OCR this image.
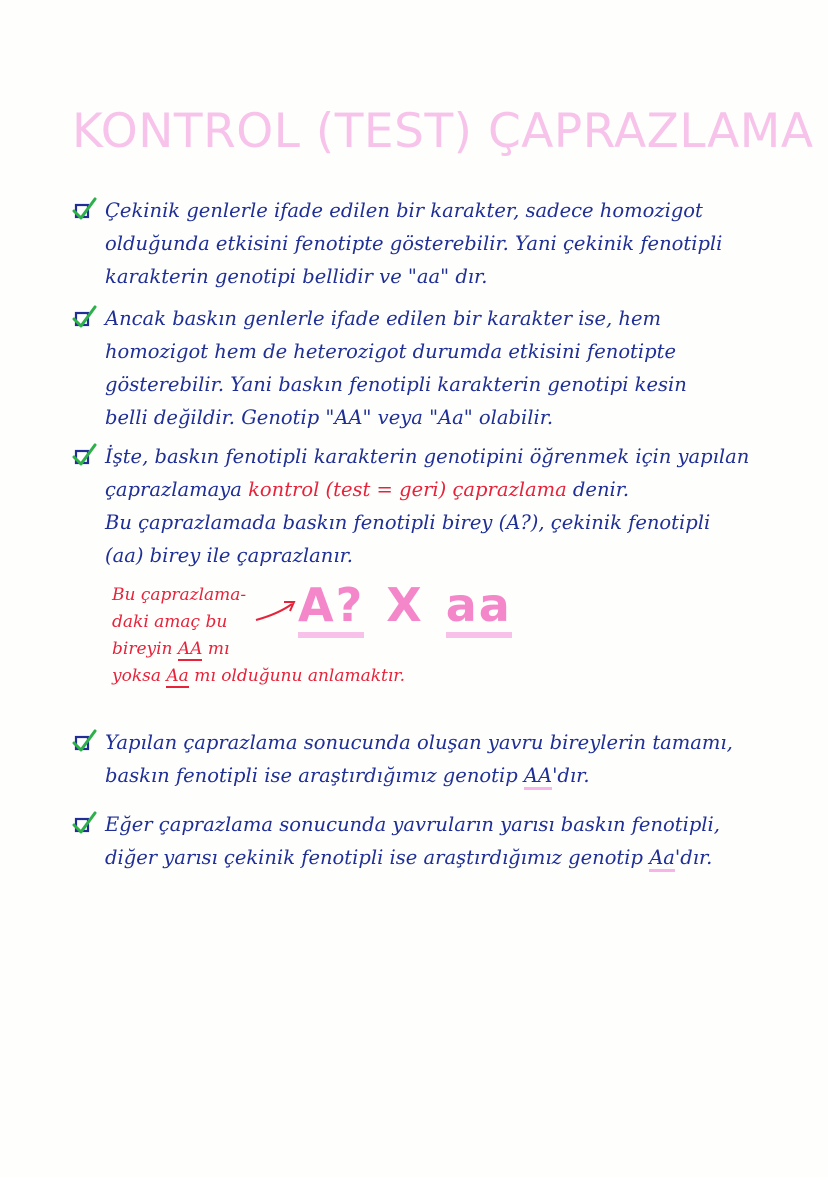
KONTROL (TEST) ÇAPRAZLAMA
Çekinik genlerle ifade edilen bir karakter, sadece homozigot
olduğunda etkisini fenotipte gösterebilir. Yani çekinik fenotipli
karakterin genotipi bellidir ve "aa" dır.
Ancak baskın genlerle ifade edilen bir karakter ise, hem
homozigot hem de heterozigot durumda etkisini fenotipte
gösterebilir. Yani baskın fenotipli karakterin genotipi kesin
belli değildir. Genotip "AA" veya "Aa" olabilir.
İşte, baskın fenotipli karakterin genotipini öğrenmek için yapılan
çaprazlamaya kontrol (test = geri) çaprazlama denir.
Bu çaprazlamada baskın fenotipli birey (A?), çekinik fenotipli
(aa) birey ile çaprazlanır.
Bu çaprazlama-
daki amaç bu
bireyin AA mı
yoksa Aa mı olduğunu anlamaktır.
A? X aa
Yapılan çaprazlama sonucunda oluşan yavru bireylerin tamamı,
baskın fenotipli ise araştırdığımız genotip AA'dır.
Eğer çaprazlama sonucunda yavruların yarısı baskın fenotipli,
diğer yarısı çekinik fenotipli ise araştırdığımız genotip Aa'dır.
